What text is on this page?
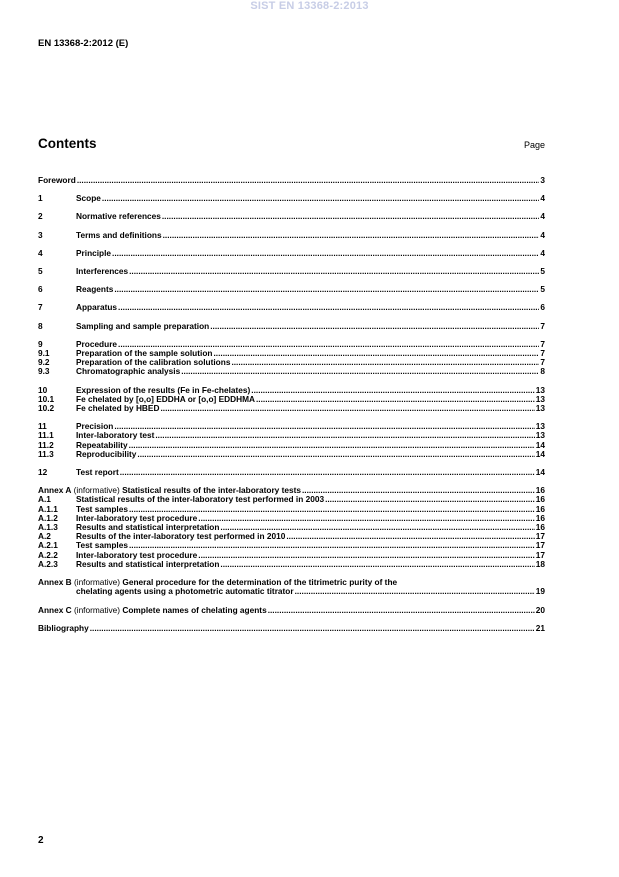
SIST EN 13368-2:2013
EN 13368-2:2012 (E)
Contents	Page
Foreword .....	3
1	Scope .....	4
2	Normative references .....	4
3	Terms and definitions .....	4
4	Principle .....	4
5	Interferences .....	5
6	Reagents .....	5
7	Apparatus .....	6
8	Sampling and sample preparation .....	7
9	Procedure .....	7
9.1	Preparation of the sample solution .....	7
9.2	Preparation of the calibration solutions .....	7
9.3	Chromatographic analysis .....	8
10	Expression of the results (Fe in Fe-chelates) .....	13
10.1	Fe chelated by [o,o] EDDHA or [o,o] EDDHMA .....	13
10.2	Fe chelated by HBED .....	13
11	Precision .....	13
11.1	Inter-laboratory test .....	13
11.2	Repeatability .....	14
11.3	Reproducibility .....	14
12	Test report .....	14
Annex A (informative) Statistical results of the inter-laboratory tests .....	16
A.1	Statistical results of the inter-laboratory test performed in 2003 .....	16
A.1.1	Test samples .....	16
A.1.2	Inter-laboratory test procedure .....	16
A.1.3	Results and statistical interpretation .....	16
A.2	Results of the inter-laboratory test performed in 2010 .....	17
A.2.1	Test samples .....	17
A.2.2	Inter-laboratory test procedure .....	17
A.2.3	Results and statistical interpretation .....	18
Annex B (informative) General procedure for the determination of the titrimetric purity of the
chelating agents using a photometric automatic titrator .....	19
Annex C (informative) Complete names of chelating agents .....	20
Bibliography .....	21
2
